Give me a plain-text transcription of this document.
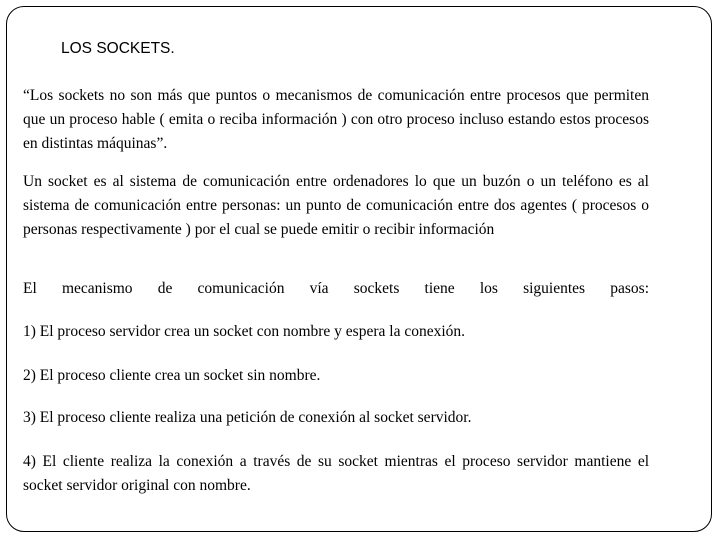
LOS SOCKETS.

“Los sockets no son más que puntos o mecanismos de comunicación entre procesos que permiten que un proceso hable ( emita o reciba información ) con otro proceso incluso estando estos procesos en distintas máquinas”.

Un socket es al sistema de comunicación entre ordenadores lo que un buzón o un teléfono es al sistema de comunicación entre personas: un punto de comunicación entre dos agentes ( procesos o personas respectivamente ) por el cual se puede emitir o recibir información

El mecanismo de comunicación vía sockets tiene los siguientes pasos:

1) El proceso servidor crea un socket con nombre y espera la conexión.

2) El proceso cliente crea un socket sin nombre.

3) El proceso cliente realiza una petición de conexión al socket servidor.

4) El cliente realiza la conexión a través de su socket mientras el proceso servidor mantiene el socket servidor original con nombre.
